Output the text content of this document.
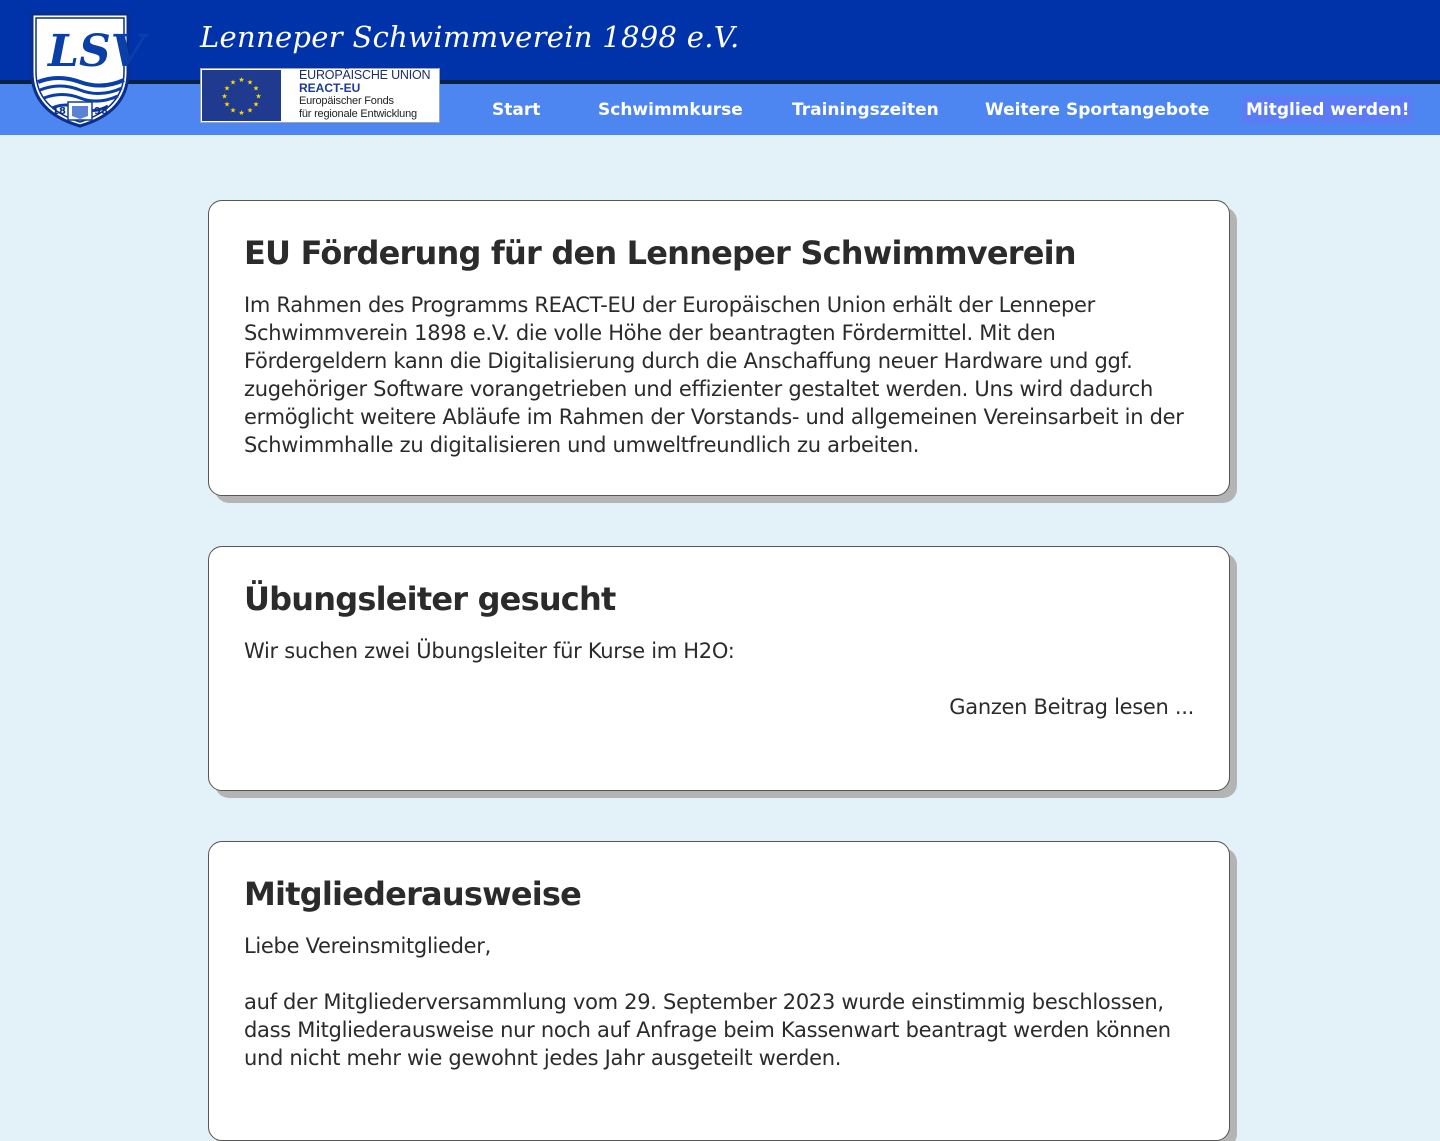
Lenneper Schwimmverein 1898 e.V.
LSV
18	98
★ ★
★
★
★
★
★
★
★
★
★
★
EUROPÄISCHE UNION
REACT-EU
Europäischer Fonds
für regionale Entwicklung	Start	Schwimmkurse	Trainingszeiten	Weitere Sportangebote Mitglied werden!
EU Förderung für den Lenneper Schwimmverein

Im Rahmen des Programms REACT-EU der Europäischen Union erhält der Lenneper Schwimmverein 1898 e.V. die volle Höhe der beantragten Fördermittel. Mit den Fördergeldern kann die Digitalisierung durch die Anschaffung neuer Hardware und ggf. zugehöriger Software vorangetrieben und effizienter gestaltet werden. Uns wird dadurch ermöglicht weitere Abläufe im Rahmen der Vorstands- und allgemeinen Vereinsarbeit in der Schwimmhalle zu digitalisieren und umweltfreundlich zu arbeiten.

Übungsleiter gesucht

Wir suchen zwei Übungsleiter für Kurse im H2O:

Ganzen Beitrag lesen ...
Mitgliederausweise

Liebe Vereinsmitglieder,

auf der Mitgliederversammlung vom 29. September 2023 wurde einstimmig beschlossen, dass Mitgliederausweise nur noch auf Anfrage beim Kassenwart beantragt werden können und nicht mehr wie gewohnt jedes Jahr ausgeteilt werden.
